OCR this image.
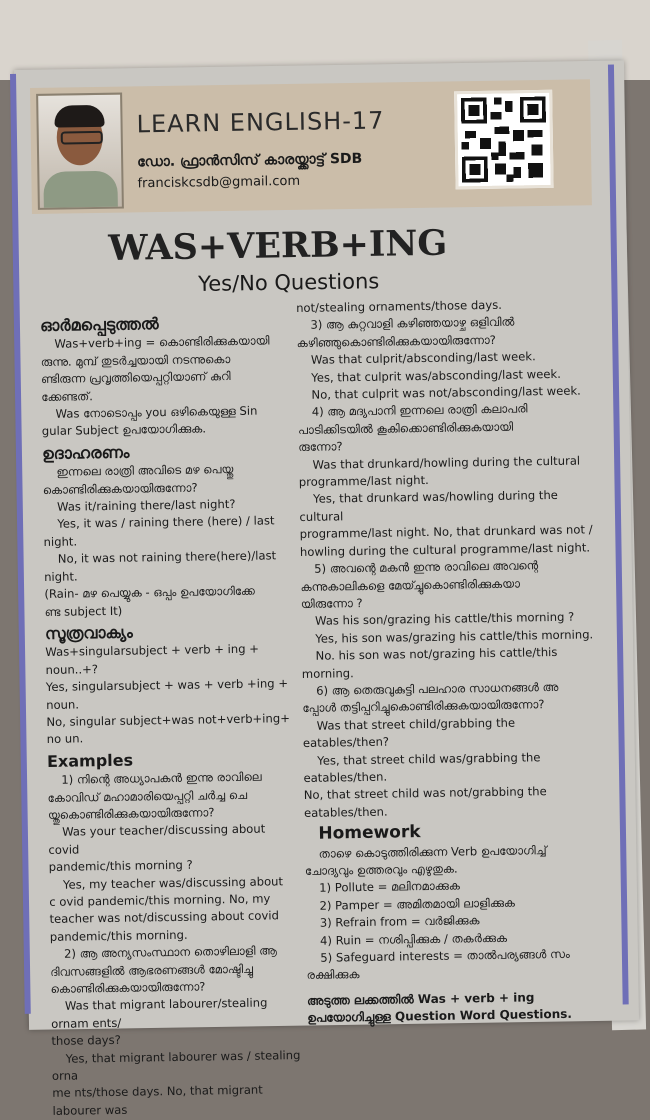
LEARN ENGLISH-17
ഡോ. ഫ്രാൻസിസ് കാരയ്ക്കാട്ട് SDB
franciskcsdb@gmail.com
WAS+VERB+ING
Yes/No Questions

ഓർമപ്പെടുത്തൽ

Was+verb+ing = കൊണ്ടിരിക്കുകയായി

രുന്നു. മുമ്പ് തുടർച്ചയായി നടന്നുകൊ

ണ്ടിരുന്ന പ്രവൃത്തിയെപ്പറ്റിയാണ് കുറി

ക്കേണ്ടത്.

Was നോടൊപ്പം you ഒഴികെയുള്ള Sin

gular Subject ഉപയോഗിക്കുക.

ഉദാഹരണം

ഇന്നലെ രാത്രി അവിടെ മഴ പെയ്തു

കൊണ്ടിരിക്കുകയായിരുന്നോ?

Was it/raining there/last night?

Yes, it was / raining there (here) / last night.

No, it was not raining there(here)/last night.

(Rain- മഴ പെയ്യുക - ഒപ്പം ഉപയോഗിക്കേ

ണ്ട subject It)

സൂത്രവാക്യം

Was+singularsubject + verb + ing + noun..+?

Yes, singularsubject + was + verb +ing + noun.

No, singular subject+was not+verb+ing+ no un.

Examples

1) നിന്റെ അധ്യാപകൻ ഇന്നു രാവിലെ

കോവിഡ് മഹാമാരിയെപ്പറ്റി ചർച്ച ചെ

യ്തുകൊണ്ടിരിക്കുകയായിരുന്നോ?

Was your teacher/discussing about covid

pandemic/this morning ?

Yes, my teacher was/discussing about

c ovid pandemic/this morning. No, my

teacher was not/discussing about covid

pandemic/this morning.

2) ആ അന്യസംസ്ഥാന തൊഴിലാളി ആ

ദിവസങ്ങളിൽ ആഭരണങ്ങൾ മോഷ്ടിച്ചു

കൊണ്ടിരിക്കുകയായിരുന്നോ?

Was that migrant labourer/stealing ornam ents/

those days?

Yes, that migrant labourer was / stealing orna

me nts/those days. No, that migrant labourer was

not/stealing ornaments/those days.

3) ആ കുറ്റവാളി കഴിഞ്ഞയാഴ്ച ഒളിവിൽ

കഴിഞ്ഞുകൊണ്ടിരിക്കുകയായിരുന്നോ?

Was that culprit/absconding/last week.

Yes, that culprit was/absconding/last week.

No, that culprit was not/absconding/last week.

4) ആ മദ്യപാനി ഇന്നലെ രാത്രി കലാപരി

പാടിക്കിടയിൽ കൂകിക്കൊണ്ടിരിക്കുകയായി

രുന്നോ?

Was that drunkard/howling during the cultural

programme/last night.

Yes, that drunkard was/howling during the cultural

programme/last night. No, that drunkard was not /

howling during the cultural programme/last night.

5) അവന്റെ മകൻ ഇന്നു രാവിലെ അവന്റെ

കന്നുകാലികളെ മേയ്ച്ചുകൊണ്ടിരിക്കുകയാ

യിരുന്നോ ?

Was his son/grazing his cattle/this morning ?

Yes, his son was/grazing his cattle/this morning.

No. his son was not/grazing his cattle/this morning.

6) ആ തെരുവുകുട്ടി പലഹാര സാധനങ്ങൾ അ

പ്പോൾ തട്ടിപ്പറിച്ചുകൊണ്ടിരിക്കുകയായിരുന്നോ?

Was that street child/grabbing the eatables/then?

Yes, that street child was/grabbing the eatables/then.

No, that street child was not/grabbing the eatables/then.

Homework

താഴെ കൊടുത്തിരിക്കുന്ന Verb ഉപയോഗിച്ച്

ചോദ്യവും ഉത്തരവും എഴുതുക.

1) Pollute = മലിനമാക്കുക

2) Pamper = അമിതമായി ലാളിക്കുക

3) Refrain from = വർജിക്കുക

4) Ruin = നശിപ്പിക്കുക / തകർക്കുക

5) Safeguard interests = താൽപര്യങ്ങൾ സം

രക്ഷിക്കുക

അടുത്ത ലക്കത്തിൽ Was + verb + ing

ഉപയോഗിച്ചുള്ള Question Word Questions.
